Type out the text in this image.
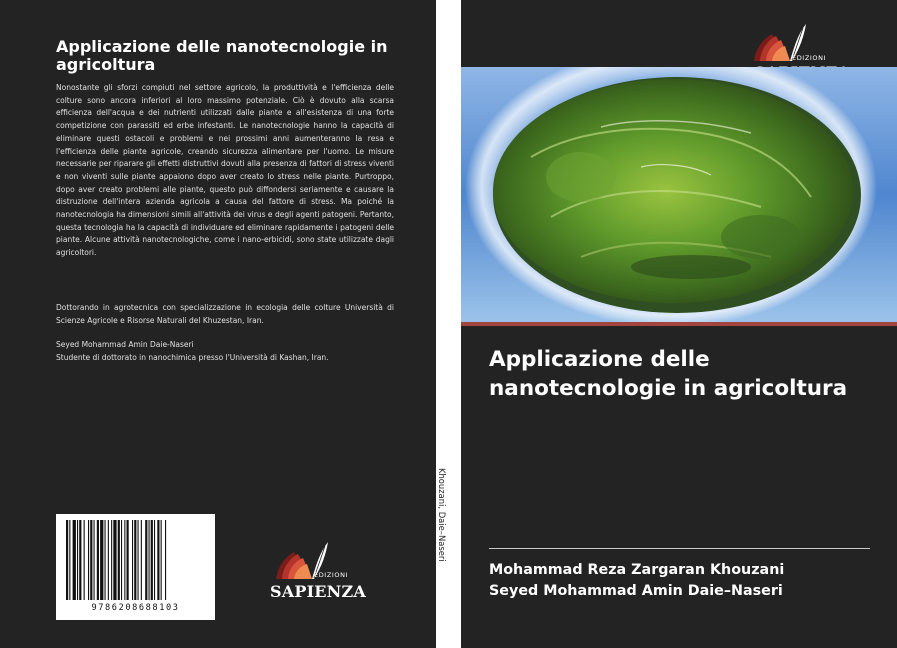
Applicazione delle nanotecnologie in agricoltura
Nonostante gli sforzi compiuti nel settore agricolo, la produttività e l'efficienza delle colture sono ancora inferiori al loro massimo potenziale. Ciò è dovuto alla scarsa efficienza dell'acqua e dei nutrienti utilizzati dalle piante e all'esistenza di una forte competizione con parassiti ed erbe infestanti. Le nanotecnologie hanno la capacità di eliminare questi ostacoli e problemi e nei prossimi anni aumenteranno la resa e l'efficienza delle piante agricole, creando sicurezza alimentare per l'uomo. Le misure necessarie per riparare gli effetti distruttivi dovuti alla presenza di fattori di stress viventi e non viventi sulle piante appaiono dopo aver creato lo stress nelle piante. Purtroppo, dopo aver creato problemi alle piante, questo può diffondersi seriamente e causare la distruzione dell'intera azienda agricola a causa del fattore di stress. Ma poiché la nanotecnologia ha dimensioni simili all'attività dei virus e degli agenti patogeni. Pertanto, questa tecnologia ha la capacità di individuare ed eliminare rapidamente i patogeni delle piante. Alcune attività nanotecnologiche, come i nano-erbicidi, sono state utilizzate dagli agricoltori.

Dottorando in agrotecnica con specializzazione in ecologia delle colture Università di Scienze Agricole e Risorse Naturali del Khuzestan, Iran.

Seyed Mohammad Amin Daie-Naseri

Studente di dottorato in nanochimica presso l'Università di Kashan, Iran.

9786208688103
EDIZIONI
SAPIENZA
Khouzani, Daie–Naseri
EDIZIONI
Applicazione delle nanotecnologie in agricoltura
Mohammad Reza Zargaran Khouzani
Seyed Mohammad Amin Daie–Naseri
